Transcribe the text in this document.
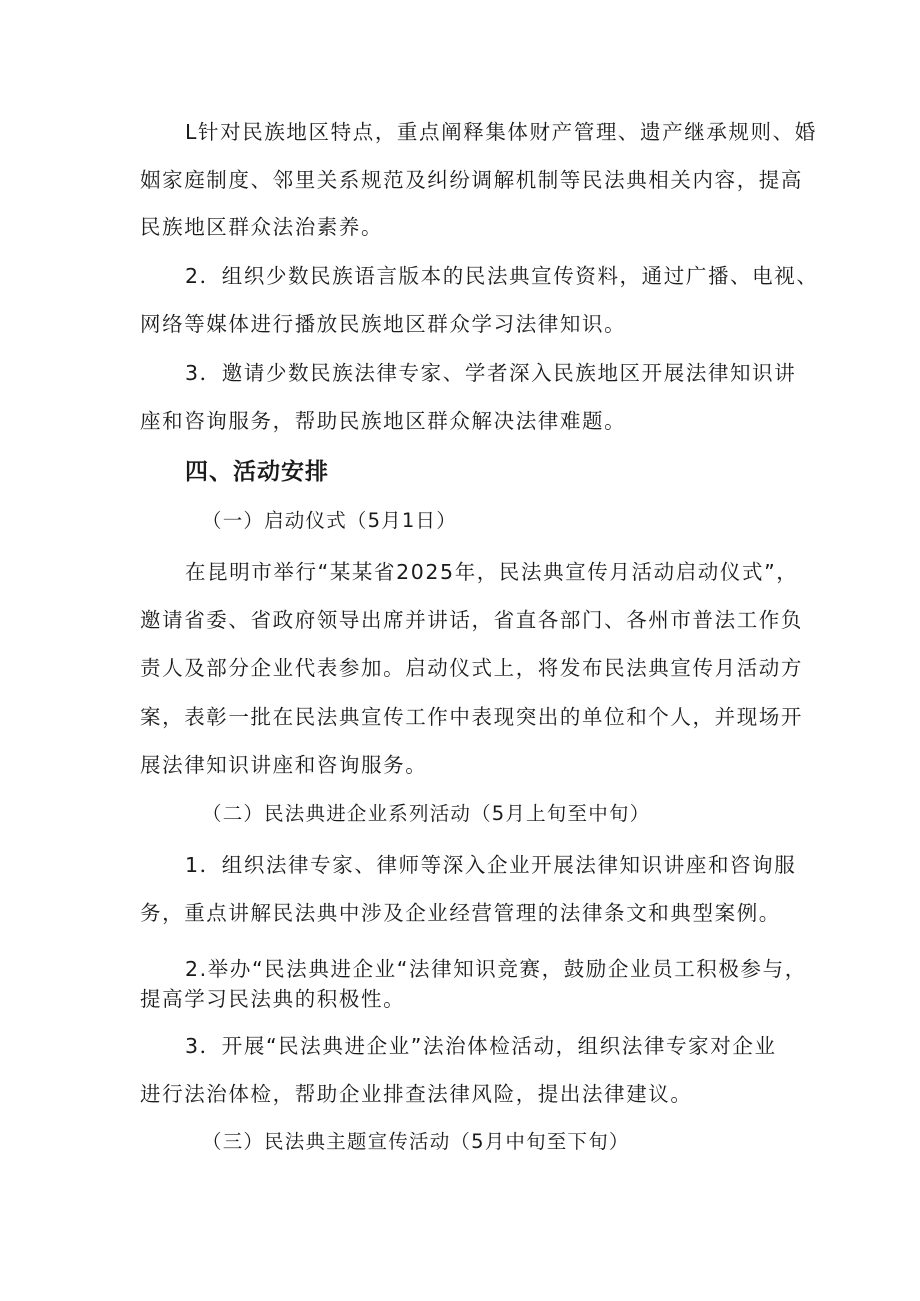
L针对民族地区特点，重点阐释集体财产管理、遗产继承规则、婚
姻家庭制度、邻里关系规范及纠纷调解机制等民法典相关内容，提高
民族地区群众法治素养。
2．组织少数民族语言版本的民法典宣传资料，通过广播、电视、
网络等媒体进行播放民族地区群众学习法律知识。
3．邀请少数民族法律专家、学者深入民族地区开展法律知识讲
座和咨询服务，帮助民族地区群众解决法律难题。
四、活动安排
（一）启动仪式（5月1日）
在昆明市举行“某某省2025年，民法典宣传月活动启动仪式”，
邀请省委、省政府领导出席并讲话，省直各部门、各州市普法工作负
责人及部分企业代表参加。启动仪式上，将发布民法典宣传月活动方
案，表彰一批在民法典宣传工作中表现突出的单位和个人，并现场开
展法律知识讲座和咨询服务。
（二）民法典进企业系列活动（5月上旬至中旬）
1．组织法律专家、律师等深入企业开展法律知识讲座和咨询服
务，重点讲解民法典中涉及企业经营管理的法律条文和典型案例。
2.举办“民法典进企业“法律知识竞赛，鼓励企业员工积极参与，
提高学习民法典的积极性。
3．开展“民法典进企业”法治体检活动，组织法律专家对企业
进行法治体检，帮助企业排查法律风险，提出法律建议。
（三）民法典主题宣传活动（5月中旬至下旬）
